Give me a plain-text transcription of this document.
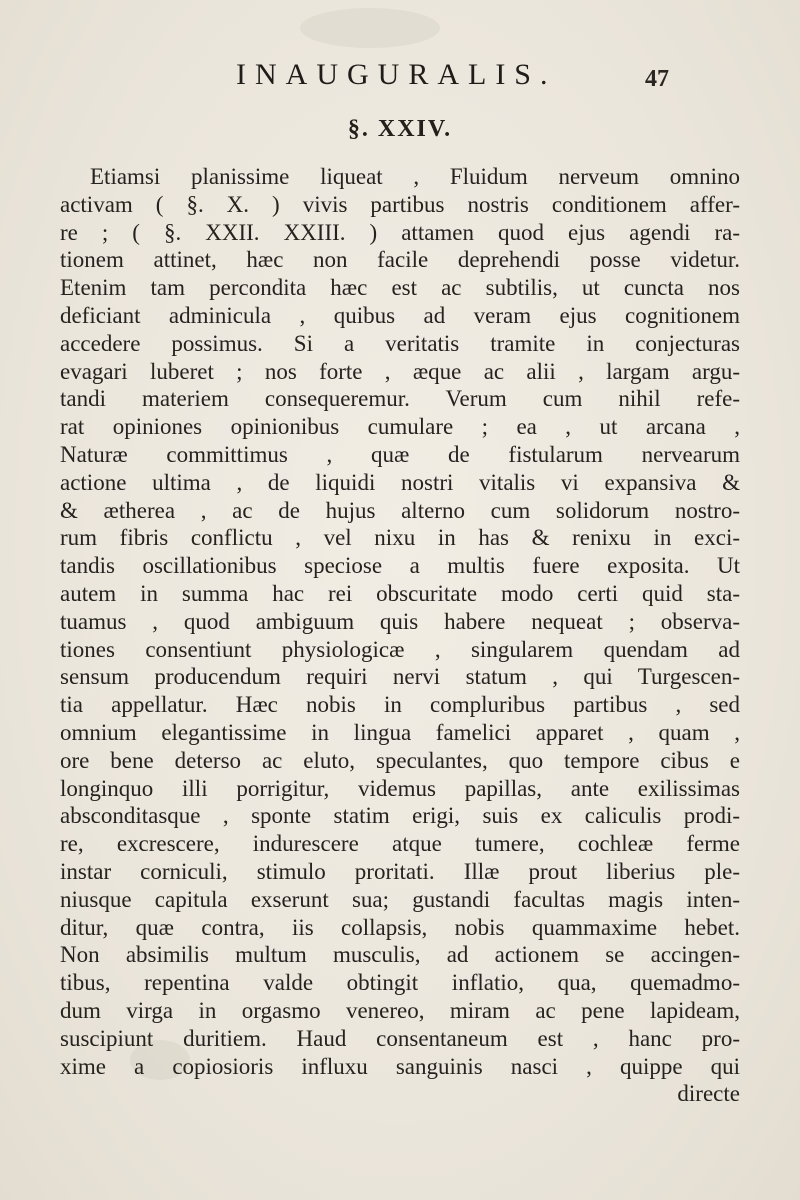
INAUGURALIS.	47
§. XXIV.
Etiamsi planissime liqueat , Fluidum nerveum omnino
activam ( §. X. ) vivis partibus nostris conditionem affer-
re ; ( §. XXII. XXIII. ) attamen quod ejus agendi ra-
tionem attinet, hæc non facile deprehendi posse videtur.
Etenim tam percondita hæc est ac subtilis, ut cuncta nos
deficiant adminicula , quibus ad veram ejus cognitionem
accedere possimus. Si a veritatis tramite in conjecturas
evagari luberet ; nos forte , æque ac alii , largam argu-
tandi materiem consequeremur. Verum cum nihil refe-
rat opiniones opinionibus cumulare ; ea , ut arcana ,
Naturæ committimus , quæ de fistularum nervearum
actione ultima , de liquidi nostri vitalis vi expansiva &
& ætherea , ac de hujus alterno cum solidorum nostro-
rum fibris conflictu , vel nixu in has & renixu in exci-
tandis oscillationibus speciose a multis fuere exposita. Ut
autem in summa hac rei obscuritate modo certi quid sta-
tuamus , quod ambiguum quis habere nequeat ; observa-
tiones consentiunt physiologicæ , singularem quendam ad
sensum producendum requiri nervi statum , qui Turgescen-
tia appellatur. Hæc nobis in compluribus partibus , sed
omnium elegantissime in lingua famelici apparet , quam ,
ore bene deterso ac eluto, speculantes, quo tempore cibus e
longinquo illi porrigitur, videmus papillas, ante exilissimas
absconditasque , sponte statim erigi, suis ex caliculis prodi-
re, excrescere, indurescere atque tumere, cochleæ ferme
instar corniculi, stimulo proritati. Illæ prout liberius ple-
niusque capitula exserunt sua; gustandi facultas magis inten-
ditur, quæ contra, iis collapsis, nobis quammaxime hebet.
Non absimilis multum musculis, ad actionem se accingen-
tibus, repentina valde obtingit inflatio, qua, quemadmo-
dum virga in orgasmo venereo, miram ac pene lapideam,
suscipiunt duritiem. Haud consentaneum est , hanc pro-
xime a copiosioris influxu sanguinis nasci , quippe qui
directe
